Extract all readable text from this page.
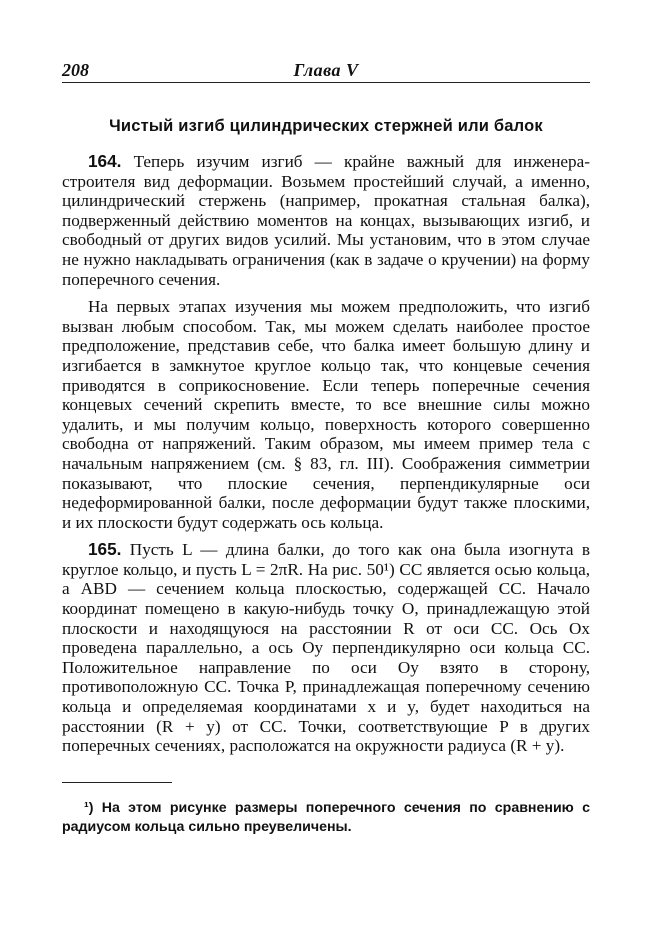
208	Глава V
Чистый изгиб цилиндрических стержней или балок

164. Теперь изучим изгиб — крайне важный для инженера-строителя вид деформации. Возьмем простейший случай, а именно, цилиндрический стержень (например, прокатная стальная балка), подверженный действию моментов на концах, вызывающих изгиб, и свободный от других видов усилий. Мы установим, что в этом случае не нужно накладывать ограничения (как в задаче о кручении) на форму поперечного сечения.

На первых этапах изучения мы можем предположить, что изгиб вызван любым способом. Так, мы можем сделать наиболее простое предположение, представив себе, что балка имеет большую длину и изгибается в замкнутое круглое кольцо так, что концевые сечения приводятся в соприкосновение. Если теперь поперечные сечения концевых сечений скрепить вместе, то все внешние силы можно удалить, и мы получим кольцо, поверхность которого совершенно свободна от напряжений. Таким образом, мы имеем пример тела с начальным напряжением (см. § 83, гл. III). Соображения симметрии показывают, что плоские сечения, перпендикулярные оси недеформированной балки, после деформации будут также плоскими, и их плоскости будут содержать ось кольца.

165. Пусть L — длина балки, до того как она была изогнута в круглое кольцо, и пусть L = 2πR. На рис. 50¹) CC является осью кольца, а ABD — сечением кольца плоскостью, содержащей CC. Начало координат помещено в какую-нибудь точку O, принадлежащую этой плоскости и находящуюся на расстоянии R от оси CC. Ось Ox проведена параллельно, а ось Oy перпендикулярно оси кольца CC. Положительное направление по оси Oy взято в сторону, противоположную CC. Точка P, принадлежащая поперечному сечению кольца и определяемая координатами x и y, будет находиться на расстоянии (R + y) от CC. Точки, соответствующие P в других поперечных сечениях, расположатся на окружности радиуса (R + y).

¹) На этом рисунке размеры поперечного сечения по сравнению с радиусом кольца сильно преувеличены.
